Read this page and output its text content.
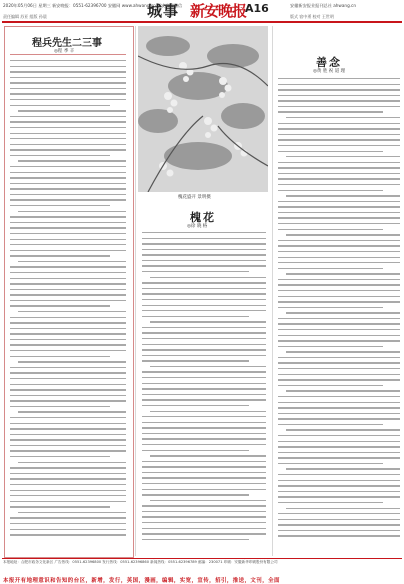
2020年05月06日 星期三 新安晚报：0551-62396700 安徽网 www.ahwang.cn 新安晚报微信
城事 新安晚报
A16	安徽新安报业报刊总社 ahwang.cn
责任编辑 苏亚 组版 孙晨	版式 宿中勇 校对 王世明
程兵先生二三事
◎程 季 辛
槐花盛开 景明摄
槐花
◎徐 晓 格
善念
◎黄 胜 祝 道 理
本报地址：合肥市政务文化新区 广告热线：0551-62396800 发行热线：0551-62396860 新闻热线：0551-62396789 邮编：230071 印刷：安徽新华印刷股份有限公司
本报开有地理意识和告知的台区，新增，发行，英国，漫画，编辑，实宽，宣传，招引，推送，文刊，全面
